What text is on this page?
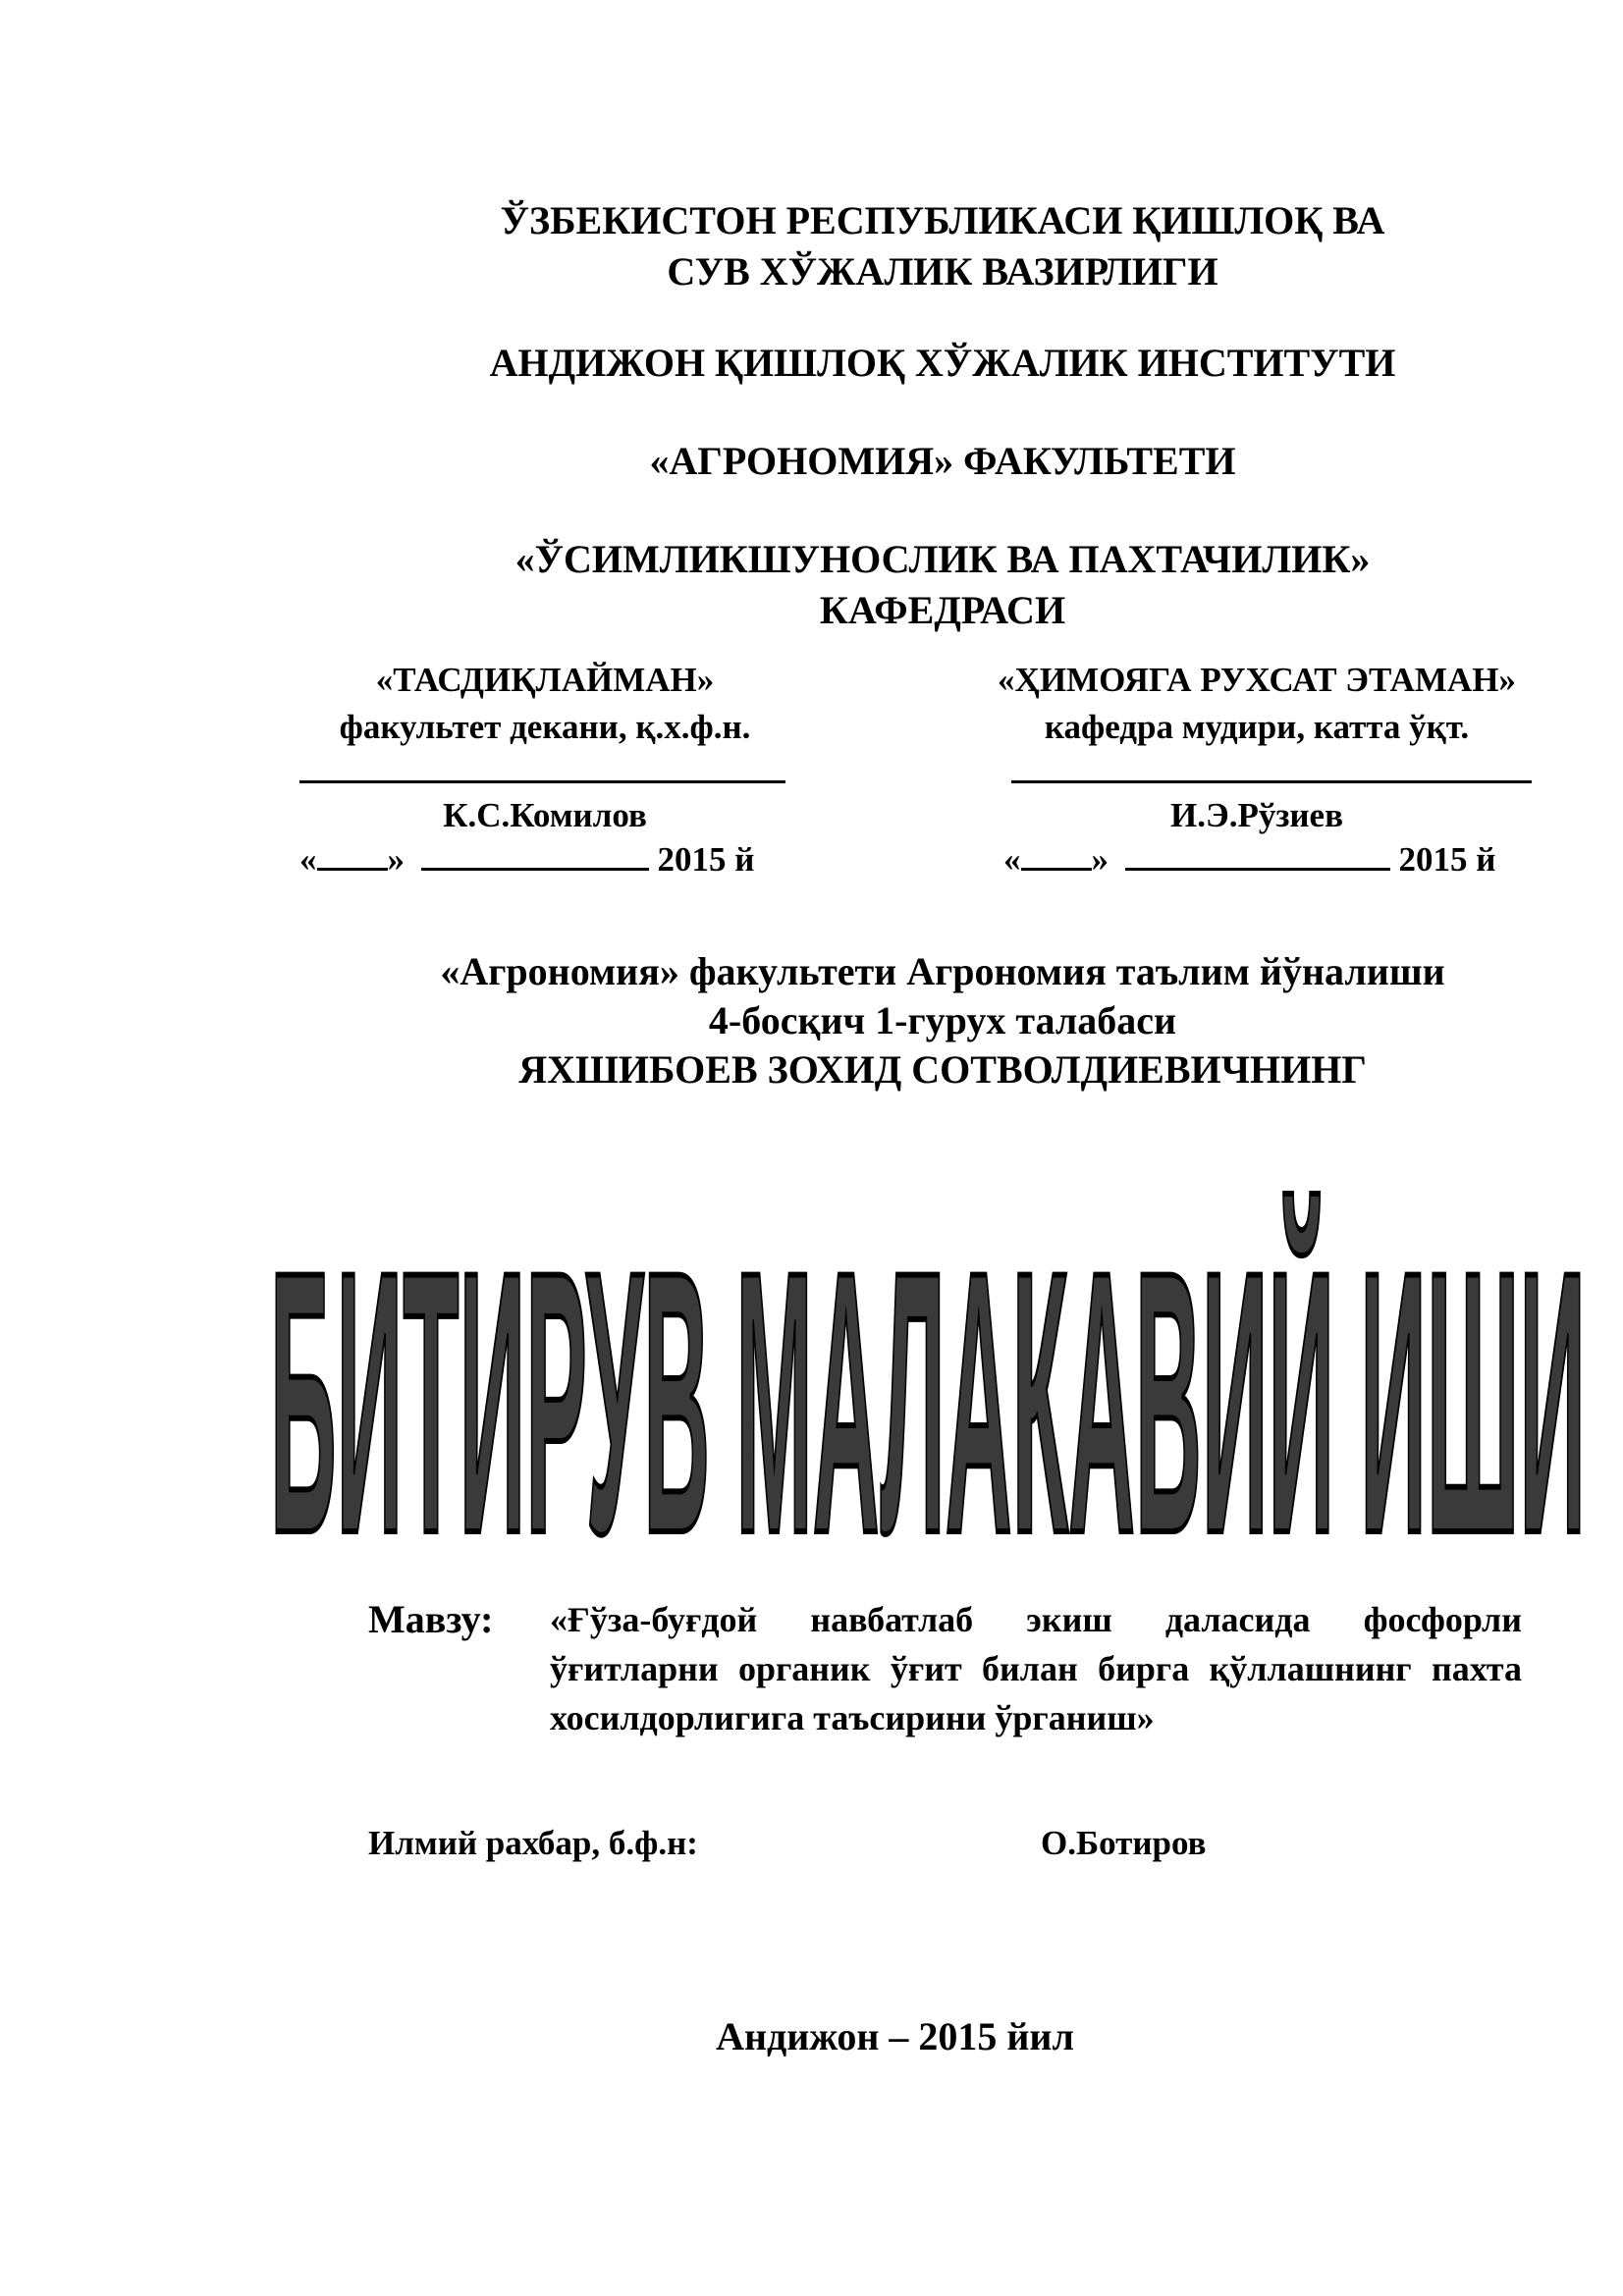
ЎЗБЕКИСТОН РЕСПУБЛИКАСИ ҚИШЛОҚ ВА
СУВ ХЎЖАЛИК ВАЗИРЛИГИ
АНДИЖОН ҚИШЛОҚ ХЎЖАЛИК ИНСТИТУТИ
«АГРОНОМИЯ» ФАКУЛЬТЕТИ
«ЎСИМЛИКШУНОСЛИК ВА ПАХТАЧИЛИК»
КАФЕДРАСИ
«ТАСДИҚЛАЙМАН»
факультет декани, қ.х.ф.н.
К.С.Комилов
« »	2015 й
«ҲИМОЯГА РУХСАТ ЭТАМАН»
кафедра мудири, катта ўқт.
И.Э.Рўзиев
« »	2015 й
«Агрономия» факультети Агрономия таълим йўналиши
4-босқич 1-гурух талабаси
ЯХШИБОЕВ ЗОХИД СОТВОЛДИЕВИЧНИНГ
БИТИРУВ МАЛАКАВИЙ ИШИ
Мавзу: «Ғўза-буғдой навбатлаб экиш даласида фосфорли
ўғитларни органик ўғит билан бирга қўллашнинг пахта
хосилдорлигига таъсирини ўрганиш»
Илмий рахбар, б.ф.н:	О.Ботиров
Андижон – 2015 йил
